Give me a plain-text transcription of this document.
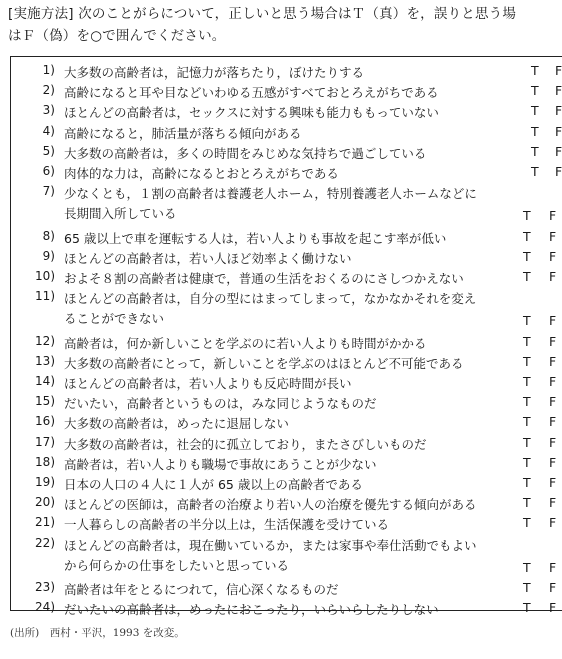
[実施方法] 次のことがらについて，正しいと思う場合はＴ（真）を，誤りと思う場
はＦ（偽）を○で囲んでください。
1) 大多数の高齢者は，記憶力が落ちたり，ぼけたりする	T F
2) 高齢になると耳や目などいわゆる五感がすべておとろえがちである	T F
3) ほとんどの高齢者は，セックスに対する興味も能力ももっていない	T F
4) 高齢になると，肺活量が落ちる傾向がある	T F
5) 大多数の高齢者は，多くの時間をみじめな気持ちで過ごしている	T F
6) 肉体的な力は，高齢になるとおとろえがちである	T F
7) 少なくとも，１割の高齢者は養護老人ホーム，特別養護老人ホームなどに
長期間入所している	T F
8) 65 歳以上で車を運転する人は，若い人よりも事故を起こす率が低い	T F
9) ほとんどの高齢者は，若い人ほど効率よく働けない	T F
10) およそ８割の高齢者は健康で，普通の生活をおくるのにさしつかえない	T F
11) ほとんどの高齢者は，自分の型にはまってしまって，なかなかそれを変え
ることができない	T F
12) 高齢者は，何か新しいことを学ぶのに若い人よりも時間がかかる	T F
13) 大多数の高齢者にとって，新しいことを学ぶのはほとんど不可能である	T F
14) ほとんどの高齢者は，若い人よりも反応時間が長い	T F
15) だいたい，高齢者というものは，みな同じようなものだ	T F
16) 大多数の高齢者は，めったに退屈しない	T F
17) 大多数の高齢者は，社会的に孤立しており，またさびしいものだ	T F
18) 高齢者は，若い人よりも職場で事故にあうことが少ない	T F
19) 日本の人口の４人に１人が 65 歳以上の高齢者である	T F
20) ほとんどの医師は，高齢者の治療より若い人の治療を優先する傾向がある	T F
21) 一人暮らしの高齢者の半分以上は，生活保護を受けている	T F
22) ほとんどの高齢者は，現在働いているか，または家事や奉仕活動でもよい
から何らかの仕事をしたいと思っている	T F
23) 高齢者は年をとるにつれて，信心深くなるものだ	T F
24) だいたいの高齢者は，めったにおこったり，いらいらしたりしない	T F
(出所)　西村・平沢，1993 を改変。
